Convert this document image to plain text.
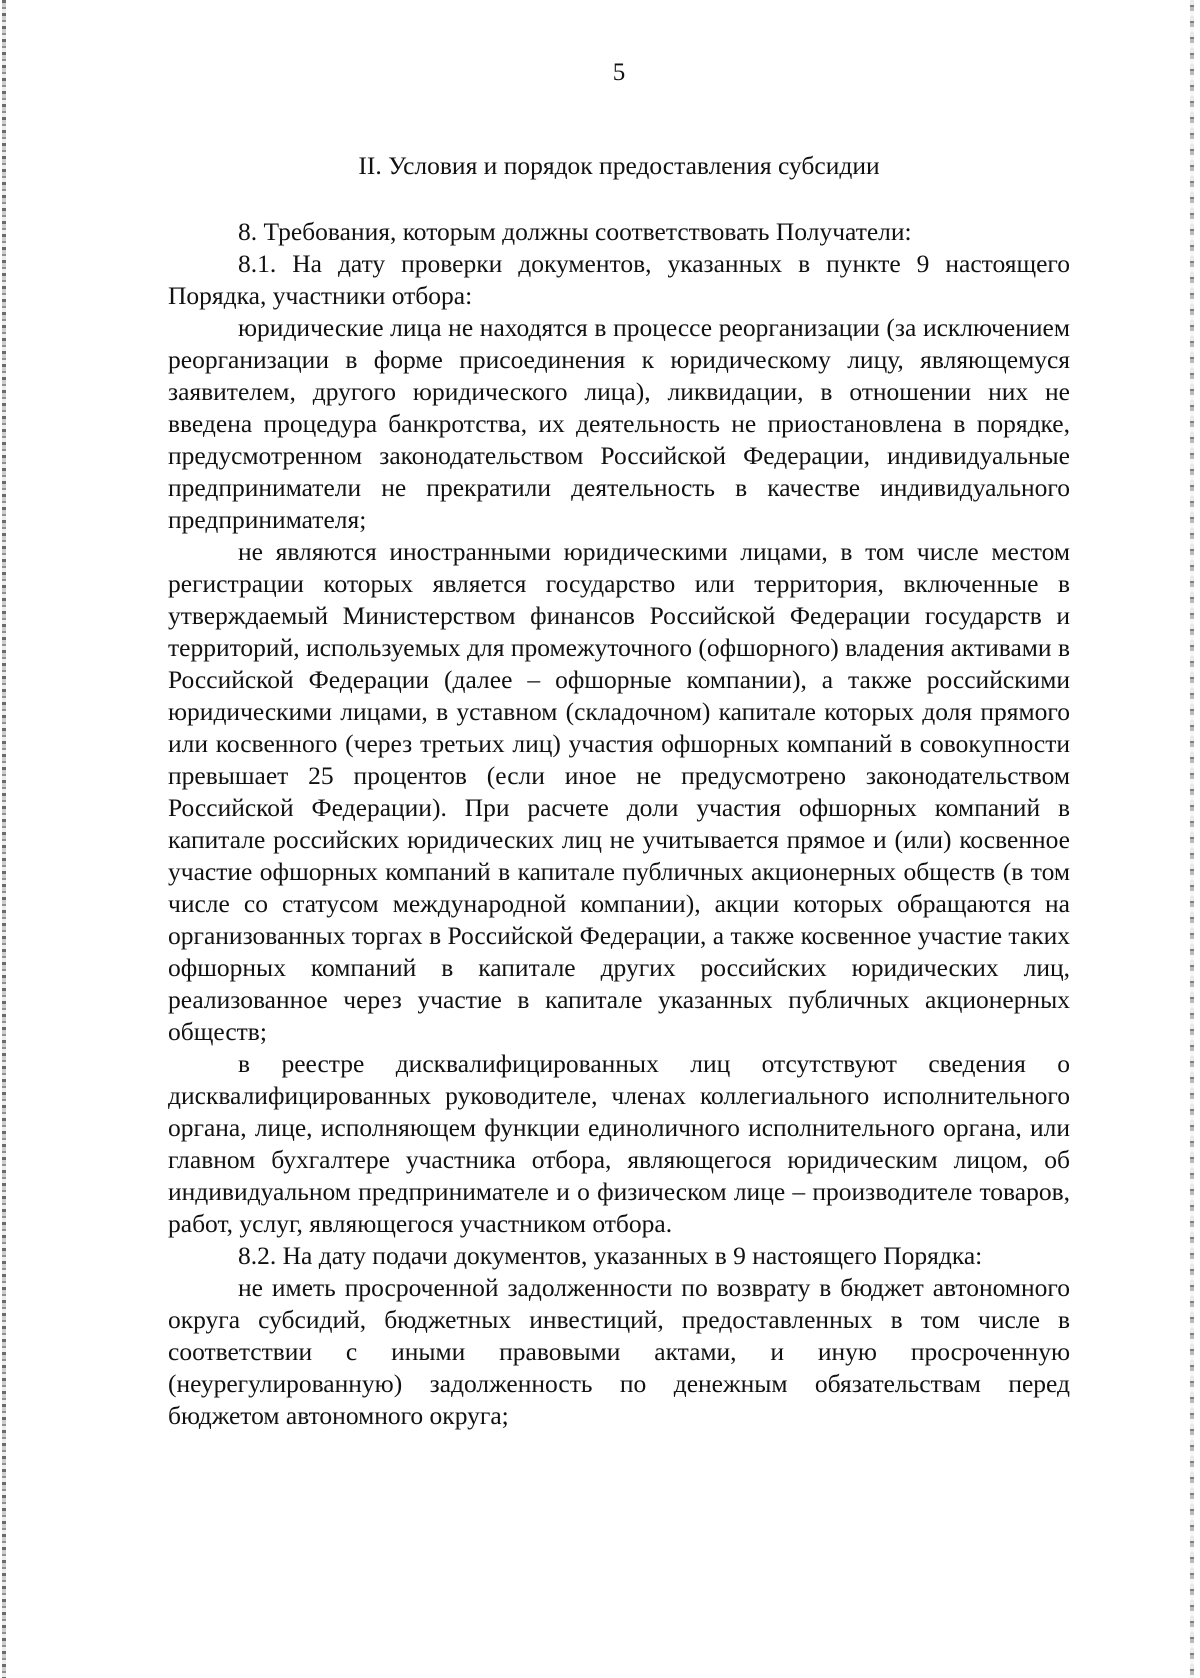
5
II. Условия и порядок предоставления субсидии

8. Требования, которым должны соответствовать Получатели:

8.1. На дату проверки документов, указанных в пункте 9 настоящего Порядка, участники отбора:

юридические лица не находятся в процессе реорганизации (за исключением реорганизации в форме присоединения к юридическому лицу, являющемуся заявителем, другого юридического лица), ликвидации, в отношении них не введена процедура банкротства, их деятельность не приостановлена в порядке, предусмотренном законодательством Российской Федерации, индивидуальные предприниматели не прекратили деятельность в качестве индивидуального предпринимателя;

не являются иностранными юридическими лицами, в том числе местом регистрации которых является государство или территория, включенные в утверждаемый Министерством финансов Российской Федерации государств и территорий, используемых для промежуточного (офшорного) владения активами в Российской Федерации (далее – офшорные компании), а также российскими юридическими лицами, в уставном (складочном) капитале которых доля прямого или косвенного (через третьих лиц) участия офшорных компаний в совокупности превышает 25 процентов (если иное не предусмотрено законодательством Российской Федерации). При расчете доли участия офшорных компаний в капитале российских юридических лиц не учитывается прямое и (или) косвенное участие офшорных компаний в капитале публичных акционерных обществ (в том числе со статусом международной компании), акции которых обращаются на организованных торгах в Российской Федерации, а также косвенное участие таких офшорных компаний в капитале других российских юридических лиц, реализованное через участие в капитале указанных публичных акционерных обществ;

в реестре дисквалифицированных лиц отсутствуют сведения о дисквалифицированных руководителе, членах коллегиального исполнительного органа, лице, исполняющем функции единоличного исполнительного органа, или главном бухгалтере участника отбора, являющегося юридическим лицом, об индивидуальном предпринимателе и о физическом лице – производителе товаров, работ, услуг, являющегося участником отбора.

8.2. На дату подачи документов, указанных в 9 настоящего Порядка:

не иметь просроченной задолженности по возврату в бюджет автономного округа субсидий, бюджетных инвестиций, предоставленных в том числе в соответствии с иными правовыми актами, и иную просроченную (неурегулированную) задолженность по денежным обязательствам перед бюджетом автономного округа;
